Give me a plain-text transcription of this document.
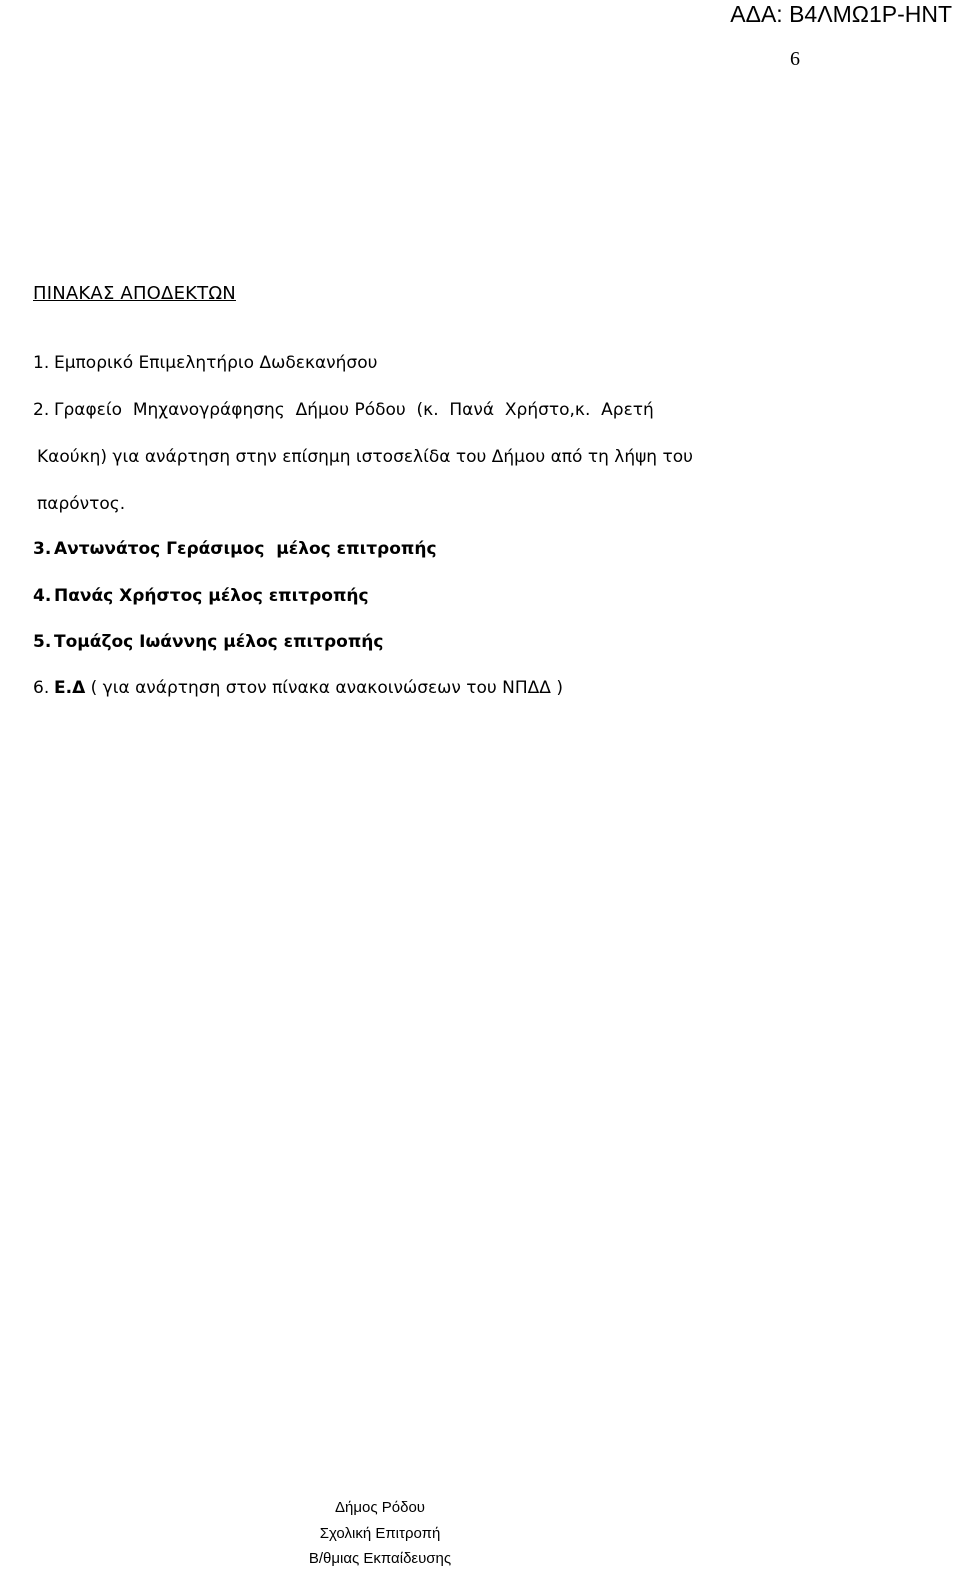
ΑΔΑ: Β4ΛΜΩ1Ρ-ΗΝΤ
6
ΠΙΝΑΚΑΣ ΑΠΟΔΕΚΤΩΝ
1. Εμπορικό Επιμελητήριο Δωδεκανήσου
2. Γραφείο  Μηχανογράφησης  Δήμου Ρόδου  (κ.  Πανά  Χρήστο,κ.  Αρετή
Καούκη) για ανάρτηση στην επίσημη ιστοσελίδα του Δήμου από τη λήψη του
παρόντος.
3. Αντωνάτος Γεράσιμος  μέλος επιτροπής
4. Πανάς Χρήστος μέλος επιτροπής
5. Τομάζος Ιωάννης μέλος επιτροπής
6. Ε.Δ ( για ανάρτηση στον πίνακα ανακοινώσεων του ΝΠΔΔ )
Δήμος Ρόδου
Σχολική Επιτροπή
Β/θμιας Εκπαίδευσης
